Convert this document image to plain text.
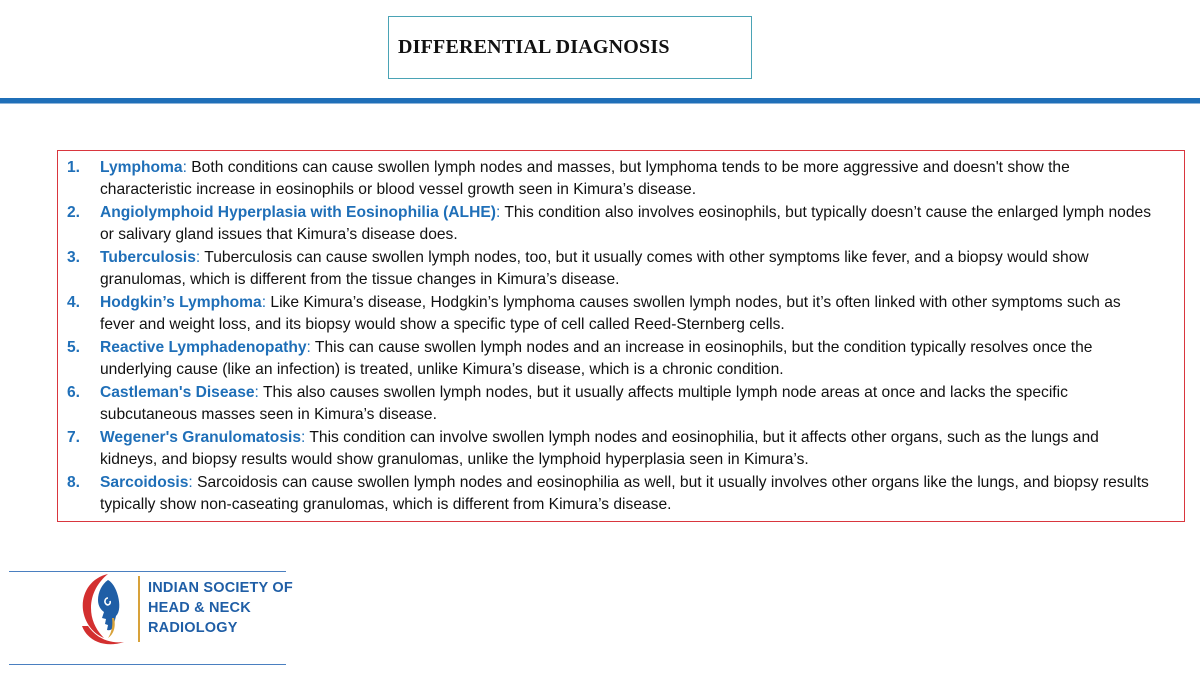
DIFFERENTIAL DIAGNOSIS
1. Lymphoma: Both conditions can cause swollen lymph nodes and masses, but lymphoma tends to be more aggressive and doesn't show the characteristic increase in eosinophils or blood vessel growth seen in Kimura’s disease.
2. Angiolymphoid Hyperplasia with Eosinophilia (ALHE): This condition also involves eosinophils, but typically doesn’t cause the enlarged lymph nodes or salivary gland issues that Kimura’s disease does.
3. Tuberculosis: Tuberculosis can cause swollen lymph nodes, too, but it usually comes with other symptoms like fever, and a biopsy would show granulomas, which is different from the tissue changes in Kimura’s disease.
4. Hodgkin’s Lymphoma: Like Kimura’s disease, Hodgkin’s lymphoma causes swollen lymph nodes, but it’s often linked with other symptoms such as fever and weight loss, and its biopsy would show a specific type of cell called Reed-Sternberg cells.
5. Reactive Lymphadenopathy: This can cause swollen lymph nodes and an increase in eosinophils, but the condition typically resolves once the underlying cause (like an infection) is treated, unlike Kimura’s disease, which is a chronic condition.
6. Castleman's Disease: This also causes swollen lymph nodes, but it usually affects multiple lymph node areas at once and lacks the specific subcutaneous masses seen in Kimura’s disease.
7. Wegener's Granulomatosis: This condition can involve swollen lymph nodes and eosinophilia, but it affects other organs, such as the lungs and kidneys, and biopsy results would show granulomas, unlike the lymphoid hyperplasia seen in Kimura’s.
8. Sarcoidosis: Sarcoidosis can cause swollen lymph nodes and eosinophilia as well, but it usually involves other organs like the lungs, and biopsy results typically show non-caseating granulomas, which is different from Kimura’s disease.
INDIAN SOCIETY OF
HEAD & NECK
RADIOLOGY
